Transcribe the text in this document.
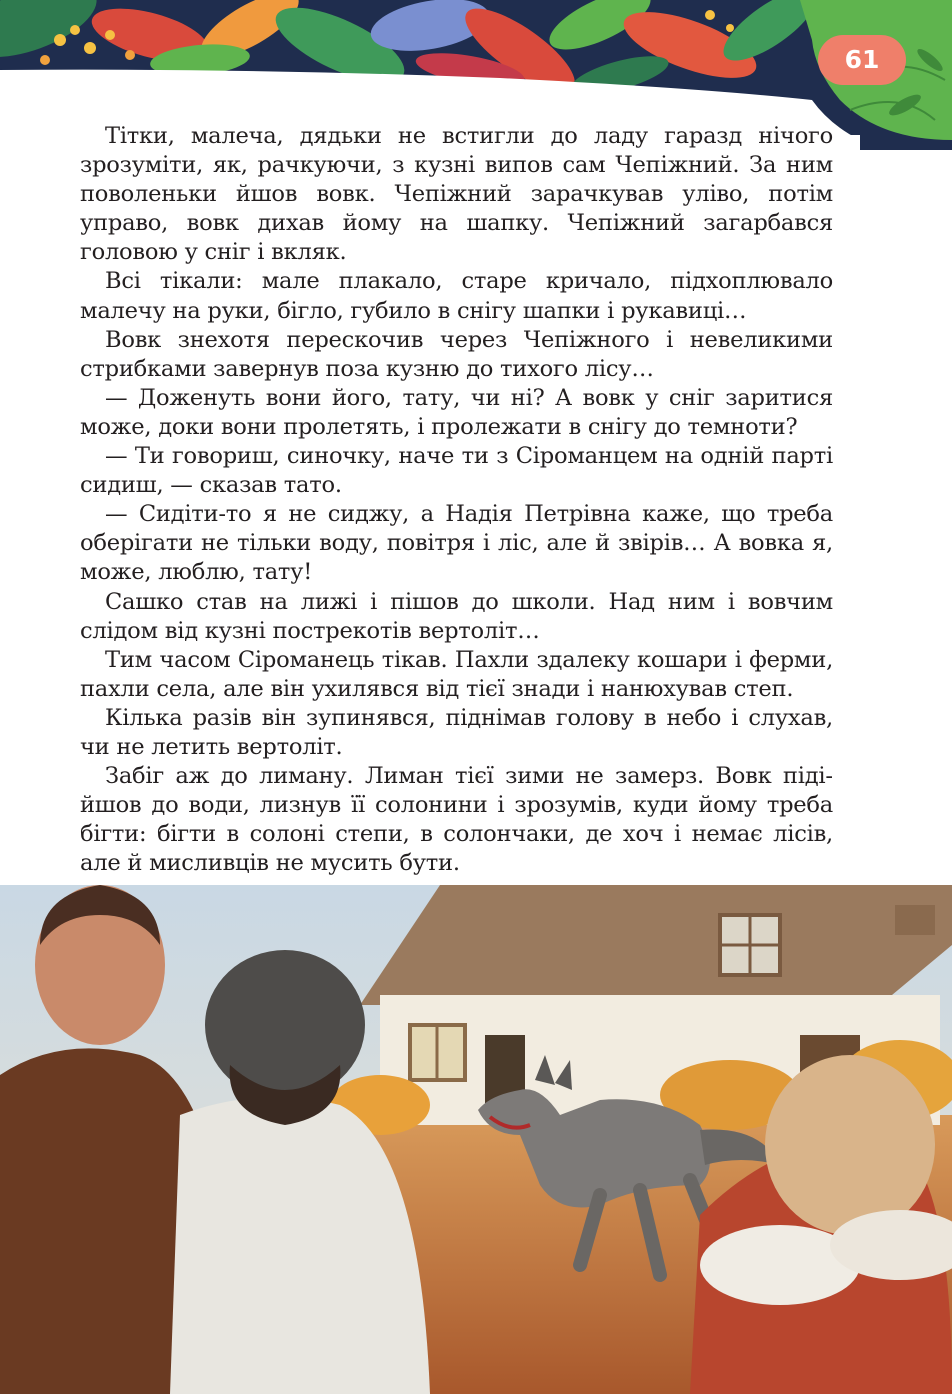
61

Тітки, малеча, дядьки не встигли до ладу гаразд нічого зрозуміти, як, рачкуючи, з кузні випов сам Чепіжний. За ним поволеньки йшов вовк. Чепіжний зарачкував уліво, потім управо, вовк дихав йому на шапку. Чепіжний загарбався головою у сніг і вкляк.

Всі тікали: мале плакало, старе кричало, підхоплювало малечу на руки, бігло, губило в снігу шапки і рукавиці…

Вовк знехотя перескочив через Чепіжного і невеликими стрибками завернув поза кузню до тихого лісу…

— Доженуть вони його, тату, чи ні? А вовк у сніг заритися може, доки вони пролетять, і пролежати в снігу до темноти?

— Ти говориш, синочку, наче ти з Сіроманцем на одній парті сидиш, — сказав тато.

— Сидіти-то я не сиджу, а Надія Петрівна каже, що треба оберігати не тільки воду, повітря і ліс, але й звірів… А вовка я, може, люблю, тату!

Сашко став на лижі і пішов до школи. Над ним і вовчим слідом від кузні пострекотів вертоліт…

Тим часом Сіроманець тікав. Пахли здалеку кошари і ферми, пахли села, але він ухилявся від тієї знади і нанюхував степ.

Кілька разів він зупинявся, піднімав голову в небо і слухав, чи не летить вертоліт.

Забіг аж до лиману. Лиман тієї зими не замерз. Вовк підійшов до води, лизнув її солонини і зрозумів, куди йому треба бігти: бігти в солоні степи, в солончаки, де хоч і немає лісів, але й мисливців не мусить бути.
